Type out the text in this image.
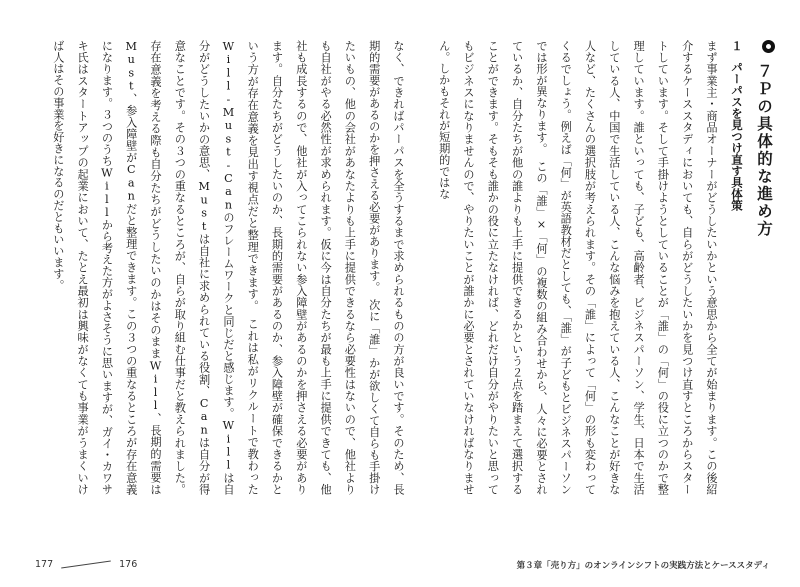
なく、できればパーパスを全うするまで求められるものの方が良いです。そのため、長期的需要があるのかを押さえる必要があります。　次に「誰」かが欲しくて自らも手掛けたいもの、他の会社があなたよりも上手に提供できるなら必要性はないので、他社よりも自社がやる必然性が求められます。仮に今は自分たちが最も上手に提供できても、他社も成長するので、他社が入ってこられない参入障壁があるのかを押さえる必要があります。自分たちがどうしたいのか、長期的需要があるのか、参入障壁が確保できるかという方が存在意義を見出す視点だと整理できます。　これは私がリクルートで教わったWill-Must-Canのフレームワークと同じだと感じます。Willは自分がどうしたいかの意思、Mustは自社に求められている役割、Canは自分が得意なことです。その３つの重なるところが、自らが取り組む仕事だと教えられました。存在意義を考える際も自分たちがどうしたいのかはそのままWill、長期的需要はMust、参入障壁がCanだと整理できます。この３つの重なるところが存在意義になります。３つのうちWillから考えた方がよさそうに思いますが、ガイ・カワサキ氏はスタートアップの起業において、たとえ最初は興味がなくても事業がうまくいけば人はその事業を好きになるのだともいいます。	７Ｐの具体的な進め方
１パーパスを見つけ直す具体策
まず事業主・商品オーナーがどうしたいかという意思から全てが始まります。この後紹介するケーススタディにおいても、自らがどうしたいかを見つけ直すところからスタートしています。そして手掛けようとしていることが「誰」の「何」の役に立つのかで整理しています。誰といっても、子ども、高齢者、ビジネスパーソン、学生、日本で生活している人、中国で生活している人、こんな悩みを抱えている人、こんなことが好きな人など、たくさんの選択肢が考えられます。その「誰」によって「何」の形も変わってくるでしょう。例えば「何」が英語教材だとしても、「誰」が子どもとビジネスパーソンでは形が異なります。　この「誰」×「何」の複数の組み合わせから、人々に必要とされているか、自分たちが他の誰よりも上手に提供できるかという２点を踏まえて選択することができます。そもそも誰かの役に立たなければ、どれだけ自分がやりたいと思ってもビジネスになりませんので、やりたいことが誰かに必要とされていなければなりません。しかもそれが短期的ではな
177	176	第３章「売り方」のオンラインシフトの実践方法とケーススタディ
